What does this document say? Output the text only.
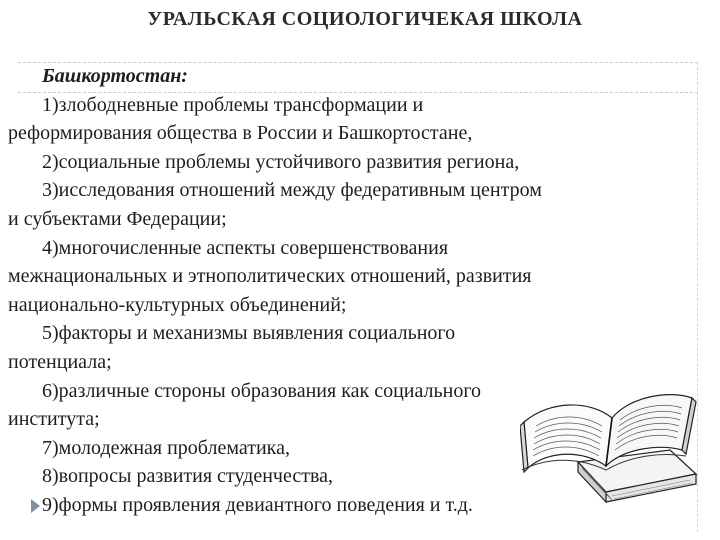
УРАЛЬСКАЯ СОЦИОЛОГИЧЕКАЯ ШКОЛА

Башкортостан:

1)злободневные проблемы трансформации и

реформирования общества в России и Башкортостане,

2)социальные проблемы устойчивого развития региона,

3)исследования отношений между федеративным центром

и субъектами Федерации;

4)многочисленные аспекты совершенствования

межнациональных и этнополитических отношений, развития

национально-культурных объединений;

5)факторы и механизмы выявления социального

потенциала;

6)различные стороны образования как социального

института;

7)молодежная проблематика,

8)вопросы развития студенчества,

9)формы проявления девиантного поведения и т.д.
